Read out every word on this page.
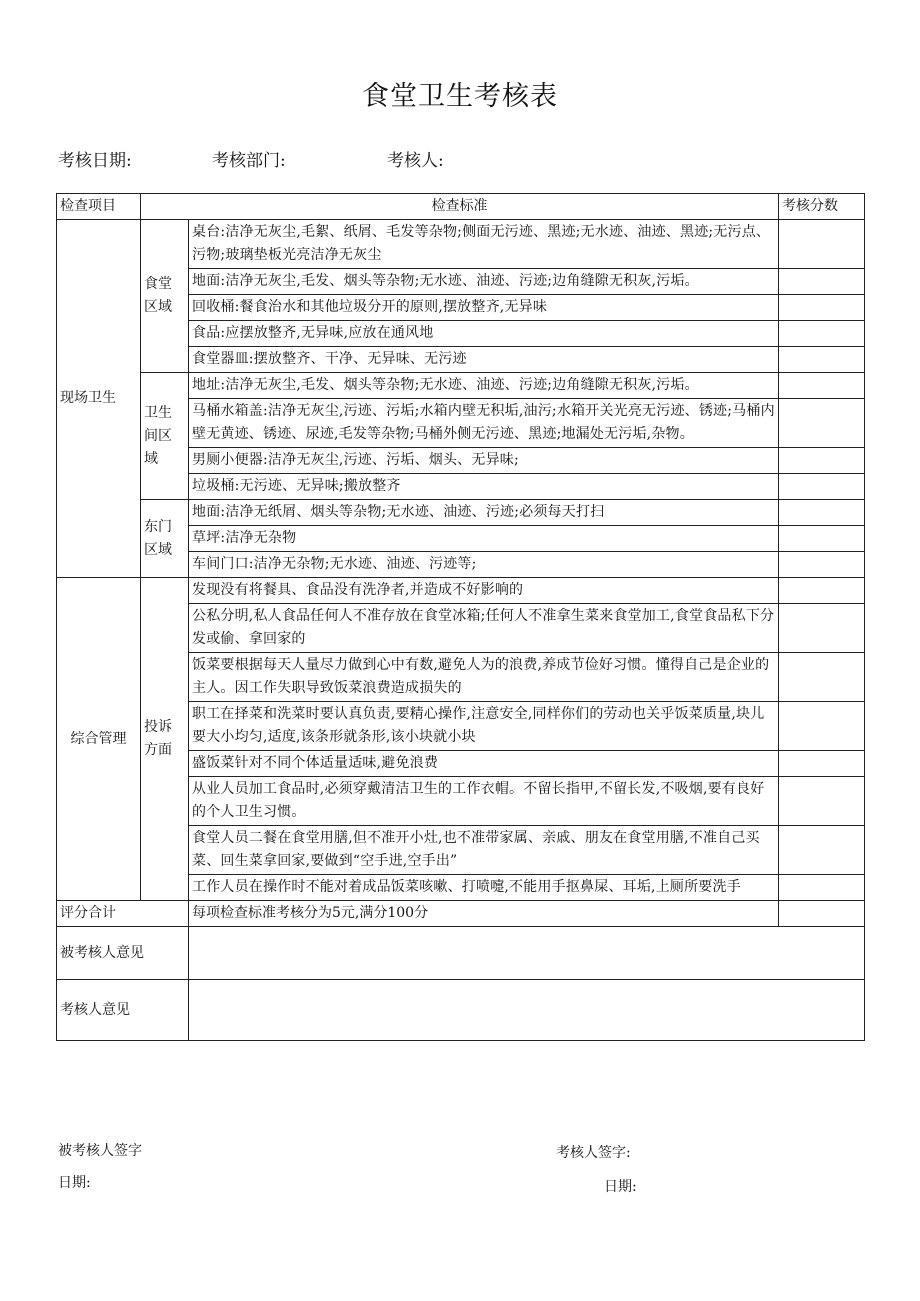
食堂卫生考核表
考核日期:	考核部门:	考核人:
检查项目	检查标准		考核分数
现场卫生	食堂区域	桌台:洁净无灰尘,毛絮、纸屑、毛发等杂物;侧面无污迹、黑迹;无水迹、油迹、黑迹;无污点、污物;玻璃垫板光亮洁净无灰尘	
		地面:洁净无灰尘,毛发、烟头等杂物;无水迹、油迹、污迹;边角缝隙无积灰,污垢。	
		回收桶:餐食治水和其他垃圾分开的原则,摆放整齐,无异味	
		食品:应摆放整齐,无异味,应放在通风地	
		食堂器皿:摆放整齐、干净、无异味、无污迹	
	卫生间区域	地址:洁净无灰尘,毛发、烟头等杂物;无水迹、油迹、污迹;边角缝隙无积灰,污垢。	
		马桶水箱盖:洁净无灰尘,污迹、污垢;水箱内壁无积垢,油污;水箱开关光亮无污迹、锈迹;马桶内壁无黄迹、锈迹、尿迹,毛发等杂物;马桶外侧无污迹、黑迹;地漏处无污垢,杂物。	
		男厕小便器:洁净无灰尘,污迹、污垢、烟头、无异味;	
		垃圾桶:无污迹、无异味;搬放整齐	
	东门区域	地面:洁净无纸屑、烟头等杂物;无水迹、油迹、污迹;必须每天打扫	
		草坪:洁净无杂物	
		车间门口:洁净无杂物;无水迹、油迹、污迹等;	
综合管理	投诉方面	发现没有将餐具、食品没有洗净者,并造成不好影响的	
		公私分明,私人食品任何人不准存放在食堂冰箱;任何人不准拿生菜来食堂加工,食堂食品私下分发或偷、拿回家的	
		饭菜要根据每天人量尽力做到心中有数,避免人为的浪费,养成节俭好习惯。懂得自己是企业的主人。因工作失职导致饭菜浪费造成损失的	
		职工在择菜和洗菜时要认真负责,要精心操作,注意安全,同样你们的劳动也关乎饭菜质量,块儿要大小均匀,适度,该条形就条形,该小块就小块	
		盛饭菜针对不同个体适量适味,避免浪费	
		从业人员加工食品时,必须穿戴清洁卫生的工作衣帽。不留长指甲,不留长发,不吸烟,要有良好的个人卫生习惯。	
		食堂人员二餐在食堂用膳,但不准开小灶,也不准带家属、亲戚、朋友在食堂用膳,不准自己买菜、回生菜拿回家,要做到“空手进,空手出”	
		工作人员在操作时不能对着成品饭菜咳嗽、打喷嚏,不能用手抠鼻屎、耳垢,上厕所要洗手	
评分合计		每项检查标准考核分为5元,满分100分	
被考核人意见			
考核人意见			
被考核人签字	考核人签字:
日期:	日期:
